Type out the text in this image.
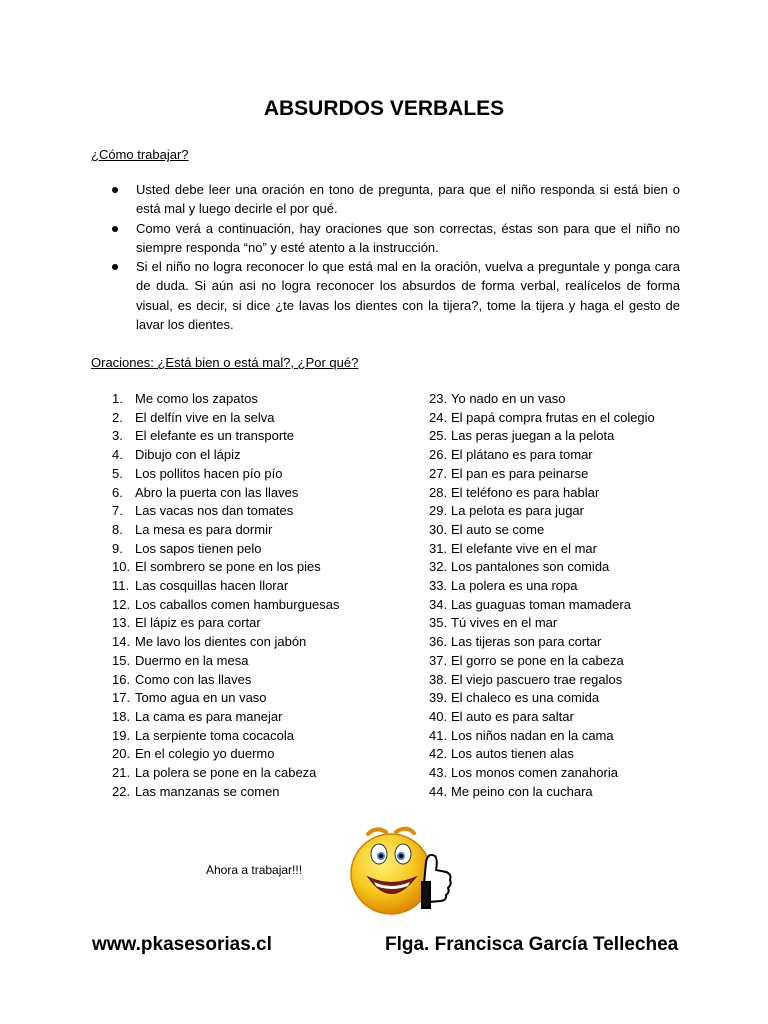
ABSURDOS VERBALES
¿Cómo trabajar?
Usted debe leer una oración en tono de pregunta, para que el niño responda si está bien o está mal y luego decirle el por qué.
Como verá a continuación, hay oraciones que son correctas, éstas son para que el niño no siempre responda “no” y esté atento a la instrucción.
Si el niño no logra reconocer lo que está mal en la oración, vuelva a preguntale y ponga cara de duda. Si aún asi no logra reconocer los absurdos de forma verbal, realícelos de forma visual, es decir, si dice ¿te lavas los dientes con la tijera?, tome la tijera y haga el gesto de lavar los dientes.
Oraciones: ¿Está bien o está mal?, ¿Por qué?
1. Me como los zapatos
2. El delfín vive en la selva
3. El elefante es un transporte
4. Dibujo con el lápiz
5. Los pollitos hacen pío pío
6. Abro la puerta con las llaves
7. Las vacas nos dan tomates
8. La mesa es para dormir
9. Los sapos tienen pelo
10. El sombrero se pone en los pies
11. Las cosquillas hacen llorar
12. Los caballos comen hamburguesas
13. El lápiz es para cortar
14. Me lavo los dientes con jabón
15. Duermo en la mesa
16. Como con las llaves
17. Tomo agua en un vaso
18. La cama es para manejar
19. La serpiente toma cocacola
20. En el colegio yo duermo
21. La polera se pone en la cabeza
22. Las manzanas se comen
23. Yo nado en un vaso
24. El papá compra frutas en el colegio
25. Las peras juegan a la pelota
26. El plátano es para tomar
27. El pan es para peinarse
28. El teléfono es para hablar
29. La pelota es para jugar
30. El auto se come
31. El elefante vive en el mar
32. Los pantalones son comida
33. La polera es una ropa
34. Las guaguas toman mamadera
35. Tú vives en el mar
36. Las tijeras son para cortar
37. El gorro se pone en la cabeza
38. El viejo pascuero trae regalos
39. El chaleco es una comida
40. El auto es para saltar
41. Los niños nadan en la cama
42. Los autos tienen alas
43. Los monos comen zanahoria
44. Me peino con la cuchara
Ahora a trabajar!!!
www.pkasesorias.cl	Flga. Francisca García Tellechea
